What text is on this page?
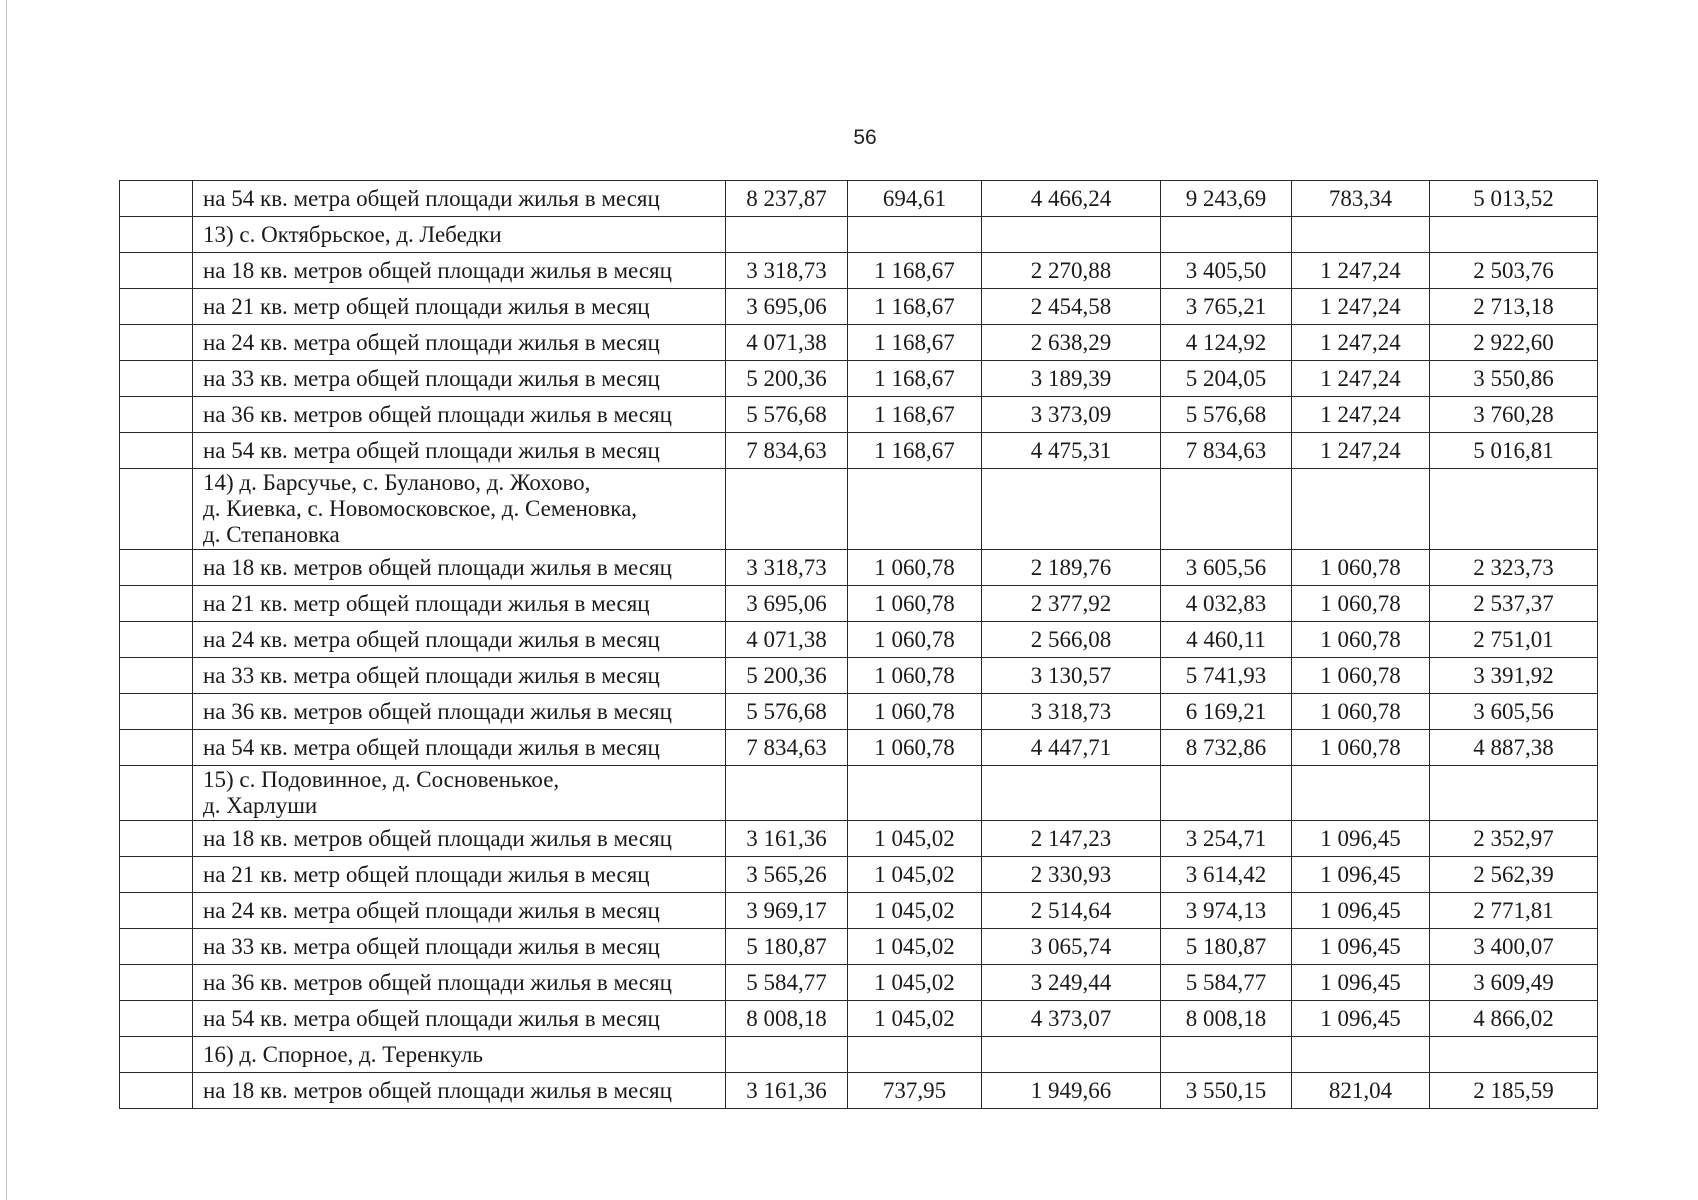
56
	на 54 кв. метра общей площади жилья в месяц	8 237,87	694,61	4 466,24	9 243,69	783,34	5 013,52

	13) с. Октябрьское, д. Лебедки						

	на 18 кв. метров общей площади жилья в месяц	3 318,73	1 168,67	2 270,88	3 405,50	1 247,24	2 503,76
	на 21 кв. метр общей площади жилья в месяц	3 695,06	1 168,67	2 454,58	3 765,21	1 247,24	2 713,18
	на 24 кв. метра общей площади жилья в месяц	4 071,38	1 168,67	2 638,29	4 124,92	1 247,24	2 922,60
	на 33 кв. метра общей площади жилья в месяц	5 200,36	1 168,67	3 189,39	5 204,05	1 247,24	3 550,86
	на 36 кв. метров общей площади жилья в месяц	5 576,68	1 168,67	3 373,09	5 576,68	1 247,24	3 760,28
	на 54 кв. метра общей площади жилья в месяц	7 834,63	1 168,67	4 475,31	7 834,63	1 247,24	5 016,81

	14) д. Барсучье, с. Буланово, д. Жохово,
д. Киевка, с. Новомосковское, д. Семеновка,
д. Степановка						

	на 18 кв. метров общей площади жилья в месяц	3 318,73	1 060,78	2 189,76	3 605,56	1 060,78	2 323,73
	на 21 кв. метр общей площади жилья в месяц	3 695,06	1 060,78	2 377,92	4 032,83	1 060,78	2 537,37
	на 24 кв. метра общей площади жилья в месяц	4 071,38	1 060,78	2 566,08	4 460,11	1 060,78	2 751,01
	на 33 кв. метра общей площади жилья в месяц	5 200,36	1 060,78	3 130,57	5 741,93	1 060,78	3 391,92
	на 36 кв. метров общей площади жилья в месяц	5 576,68	1 060,78	3 318,73	6 169,21	1 060,78	3 605,56
	на 54 кв. метра общей площади жилья в месяц	7 834,63	1 060,78	4 447,71	8 732,86	1 060,78	4 887,38

	15) с. Подовинное, д. Сосновенькое,
д. Харлуши						

	на 18 кв. метров общей площади жилья в месяц	3 161,36	1 045,02	2 147,23	3 254,71	1 096,45	2 352,97
	на 21 кв. метр общей площади жилья в месяц	3 565,26	1 045,02	2 330,93	3 614,42	1 096,45	2 562,39
	на 24 кв. метра общей площади жилья в месяц	3 969,17	1 045,02	2 514,64	3 974,13	1 096,45	2 771,81
	на 33 кв. метра общей площади жилья в месяц	5 180,87	1 045,02	3 065,74	5 180,87	1 096,45	3 400,07
	на 36 кв. метров общей площади жилья в месяц	5 584,77	1 045,02	3 249,44	5 584,77	1 096,45	3 609,49
	на 54 кв. метра общей площади жилья в месяц	8 008,18	1 045,02	4 373,07	8 008,18	1 096,45	4 866,02

	16) д. Спорное, д. Теренкуль						

	на 18 кв. метров общей площади жилья в месяц	3 161,36	737,95	1 949,66	3 550,15	821,04	2 185,59
